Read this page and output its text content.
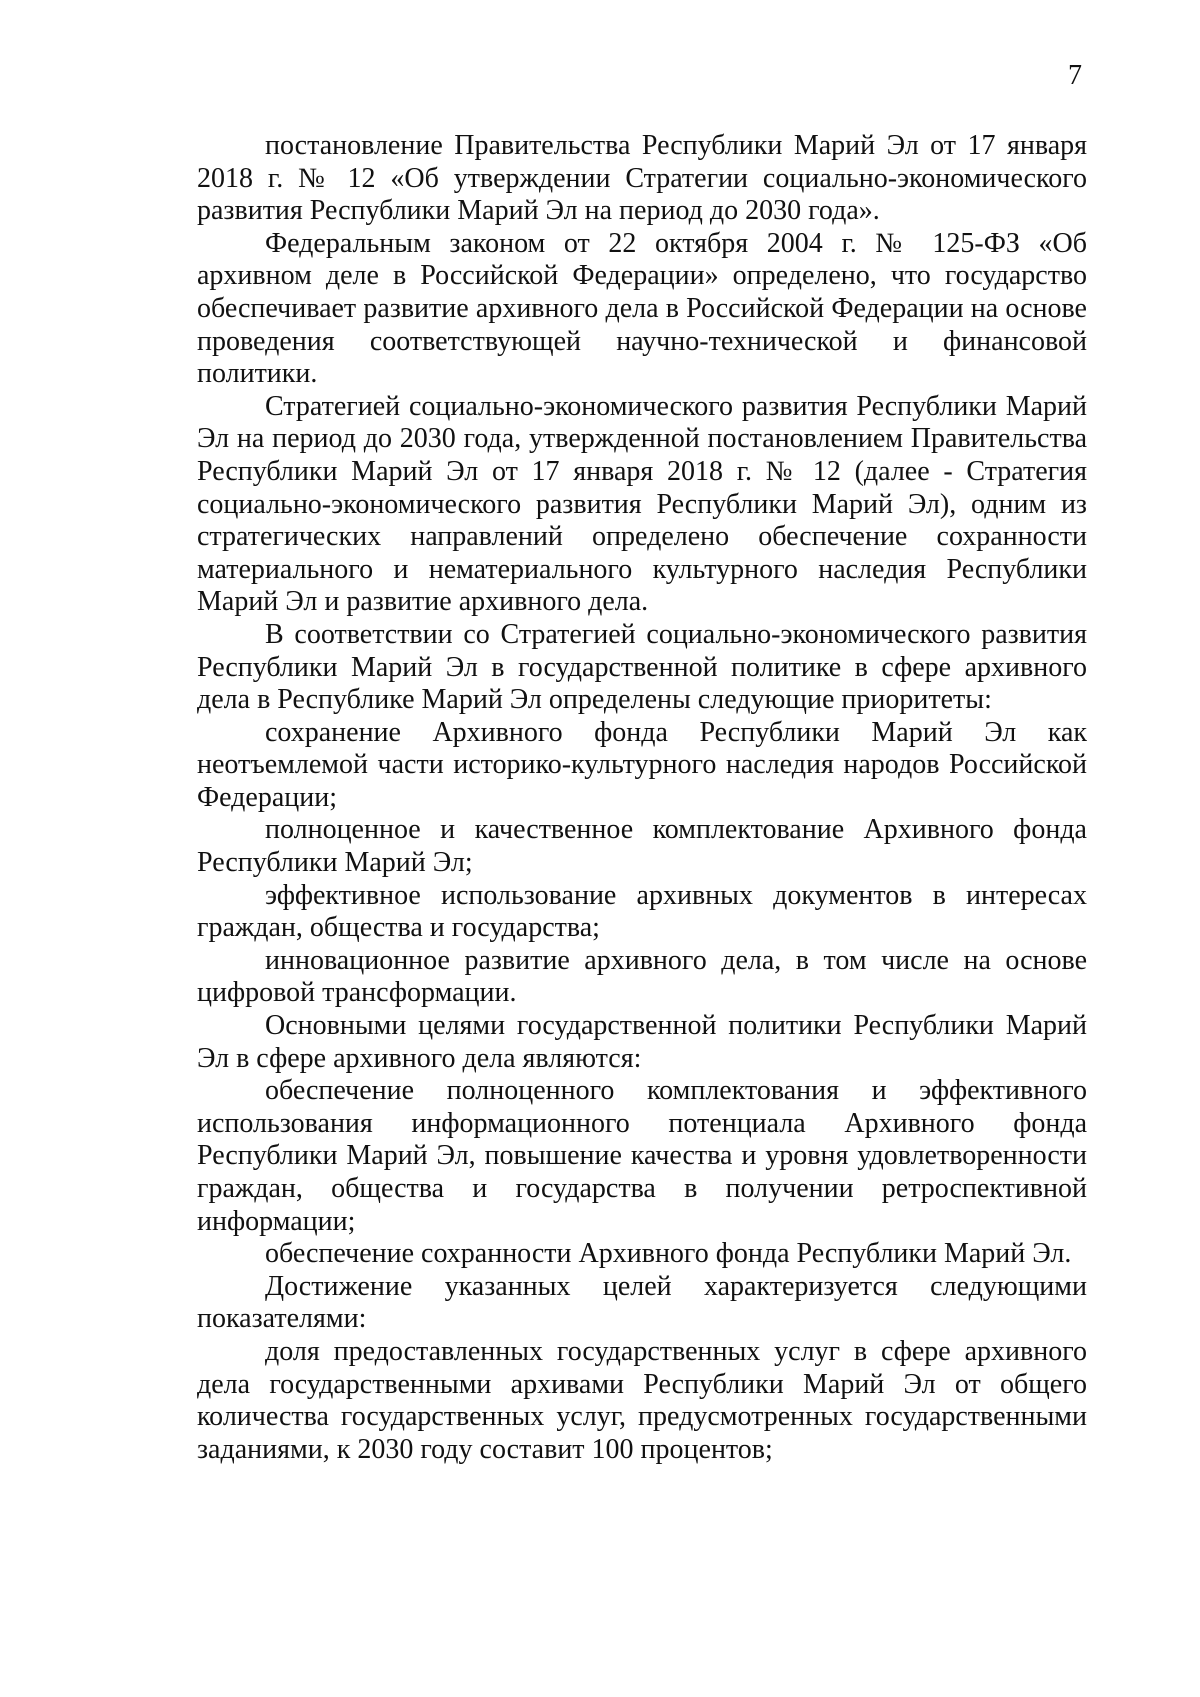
7

постановление Правительства Республики Марий Эл от 17 января 2018 г. № 12 «Об утверждении Стратегии социально-экономического развития Республики Марий Эл на период до 2030 года».

Федеральным законом от 22 октября 2004 г. № 125-ФЗ «Об архивном деле в Российской Федерации» определено, что государство обеспечивает развитие архивного дела в Российской Федерации на основе проведения соответствующей научно-технической и финансовой политики.

Стратегией социально-экономического развития Республики Марий Эл на период до 2030 года, утвержденной постановлением Правительства Республики Марий Эл от 17 января 2018 г. № 12 (далее - Стратегия социально-экономического развития Республики Марий Эл), одним из стратегических направлений определено обеспечение сохранности материального и нематериального культурного наследия Республики Марий Эл и развитие архивного дела.

В соответствии со Стратегией социально-экономического развития Республики Марий Эл в государственной политике в сфере архивного дела в Республике Марий Эл определены следующие приоритеты:

сохранение Архивного фонда Республики Марий Эл как неотъемлемой части историко-культурного наследия народов Российской Федерации;

полноценное и качественное комплектование Архивного фонда Республики Марий Эл;

эффективное использование архивных документов в интересах граждан, общества и государства;

инновационное развитие архивного дела, в том числе на основе цифровой трансформации.

Основными целями государственной политики Республики Марий Эл в сфере архивного дела являются:

обеспечение полноценного комплектования и эффективного использования информационного потенциала Архивного фонда Республики Марий Эл, повышение качества и уровня удовлетворенности граждан, общества и государства в получении ретроспективной информации;

обеспечение сохранности Архивного фонда Республики Марий Эл.

Достижение указанных целей характеризуется следующими показателями:

доля предоставленных государственных услуг в сфере архивного дела государственными архивами Республики Марий Эл от общего количества государственных услуг, предусмотренных государственными заданиями, к 2030 году составит 100 процентов;
